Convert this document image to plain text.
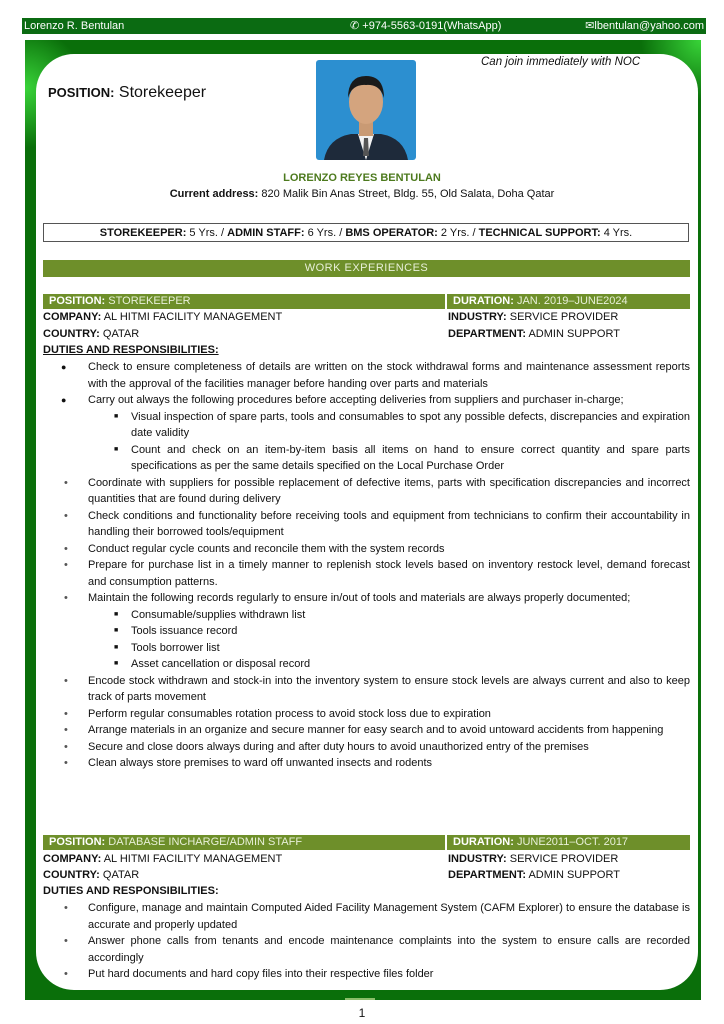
Lorenzo R. Bentulan	✆ +974-5563-0191(WhatsApp)	✉lbentulan@yahoo.com
Can join immediately with NOC
POSITION: Storekeeper
LORENZO REYES BENTULAN
Current address: 820 Malik Bin Anas Street, Bldg. 55, Old Salata, Doha Qatar
STOREKEEPER: 5 Yrs. / ADMIN STAFF: 6 Yrs. / BMS OPERATOR: 2 Yrs. / TECHNICAL SUPPORT: 4 Yrs.
WORK EXPERIENCES
POSITION: STOREKEEPER	DURATION: JAN. 2019–JUNE2024
COMPANY: AL HITMI FACILITY MANAGEMENT	INDUSTRY: SERVICE PROVIDER
COUNTRY: QATAR	DEPARTMENT: ADMIN SUPPORT
DUTIES AND RESPONSIBILITIES:
● Check to ensure completeness of details are written on the stock withdrawal forms and maintenance assessment reports with the approval of the facilities manager before handing over parts and materials
● Carry out always the following procedures before accepting deliveries from suppliers and purchaser in-charge;
■ Visual inspection of spare parts, tools and consumables to spot any possible defects, discrepancies and expiration date validity
■ Count and check on an item-by-item basis all items on hand to ensure correct quantity and spare parts specifications as per the same details specified on the Local Purchase Order
• Coordinate with suppliers for possible replacement of defective items, parts with specification discrepancies and incorrect quantities that are found during delivery
• Check conditions and functionality before receiving tools and equipment from technicians to confirm their accountability in handling their borrowed tools/equipment
• Conduct regular cycle counts and reconcile them with the system records
• Prepare for purchase list in a timely manner to replenish stock levels based on inventory restock level, demand forecast and consumption patterns.
• Maintain the following records regularly to ensure in/out of tools and materials are always properly documented;
■ Consumable/supplies withdrawn list
■ Tools issuance record
■ Tools borrower list
■ Asset cancellation or disposal record
• Encode stock withdrawn and stock-in into the inventory system to ensure stock levels are always current and also to keep track of parts movement
• Perform regular consumables rotation process to avoid stock loss due to expiration
• Arrange materials in an organize and secure manner for easy search and to avoid untoward accidents from happening
• Secure and close doors always during and after duty hours to avoid unauthorized entry of the premises
• Clean always store premises to ward off unwanted insects and rodents
POSITION: DATABASE INCHARGE/ADMIN STAFF	DURATION: JUNE2011–OCT. 2017
COMPANY: AL HITMI FACILITY MANAGEMENT	INDUSTRY: SERVICE PROVIDER
COUNTRY: QATAR	DEPARTMENT: ADMIN SUPPORT
DUTIES AND RESPONSIBILITIES:
• Configure, manage and maintain Computed Aided Facility Management System (CAFM Explorer) to ensure the database is accurate and properly updated
• Answer phone calls from tenants and encode maintenance complaints into the system to ensure calls are recorded accordingly
• Put hard documents and hard copy files into their respective files folder
1
